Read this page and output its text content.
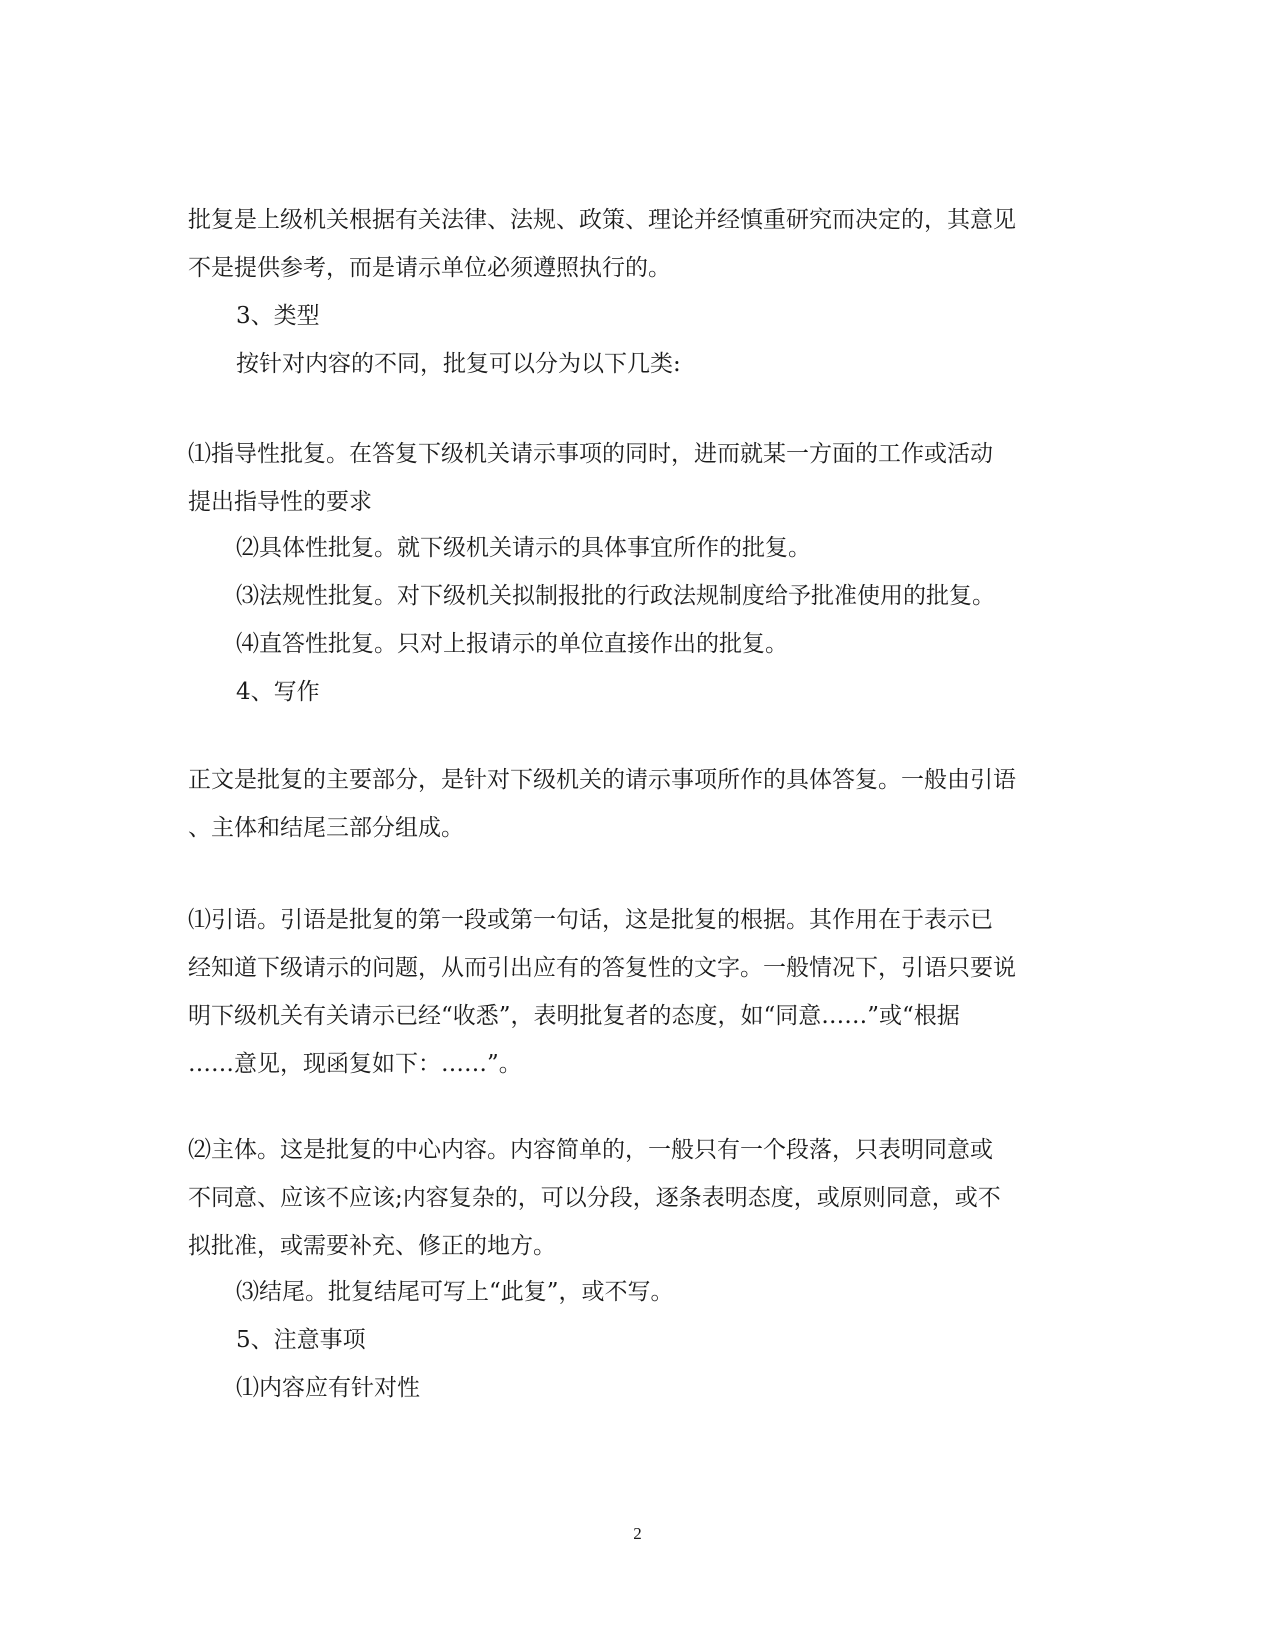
批复是上级机关根据有关法律、法规、政策、理论并经慎重研究而决定的，其意见
不是提供参考，而是请示单位必须遵照执行的。
3、类型
按针对内容的不同，批复可以分为以下几类:
⑴指导性批复。在答复下级机关请示事项的同时，进而就某一方面的工作或活动
提出指导性的要求
⑵具体性批复。就下级机关请示的具体事宜所作的批复。
⑶法规性批复。对下级机关拟制报批的行政法规制度给予批准使用的批复。
⑷直答性批复。只对上报请示的单位直接作出的批复。
4、写作
正文是批复的主要部分，是针对下级机关的请示事项所作的具体答复。一般由引语
、主体和结尾三部分组成。
⑴引语。引语是批复的第一段或第一句话，这是批复的根据。其作用在于表示已
经知道下级请示的问题，从而引出应有的答复性的文字。一般情况下，引语只要说
明下级机关有关请示已经“收悉”，表明批复者的态度，如“同意……”或“根据
……意见，现函复如下：……”。
⑵主体。这是批复的中心内容。内容简单的，一般只有一个段落，只表明同意或
不同意、应该不应该;内容复杂的，可以分段，逐条表明态度，或原则同意，或不
拟批准，或需要补充、修正的地方。
⑶结尾。批复结尾可写上“此复”，或不写。
5、注意事项
⑴内容应有针对性
2
